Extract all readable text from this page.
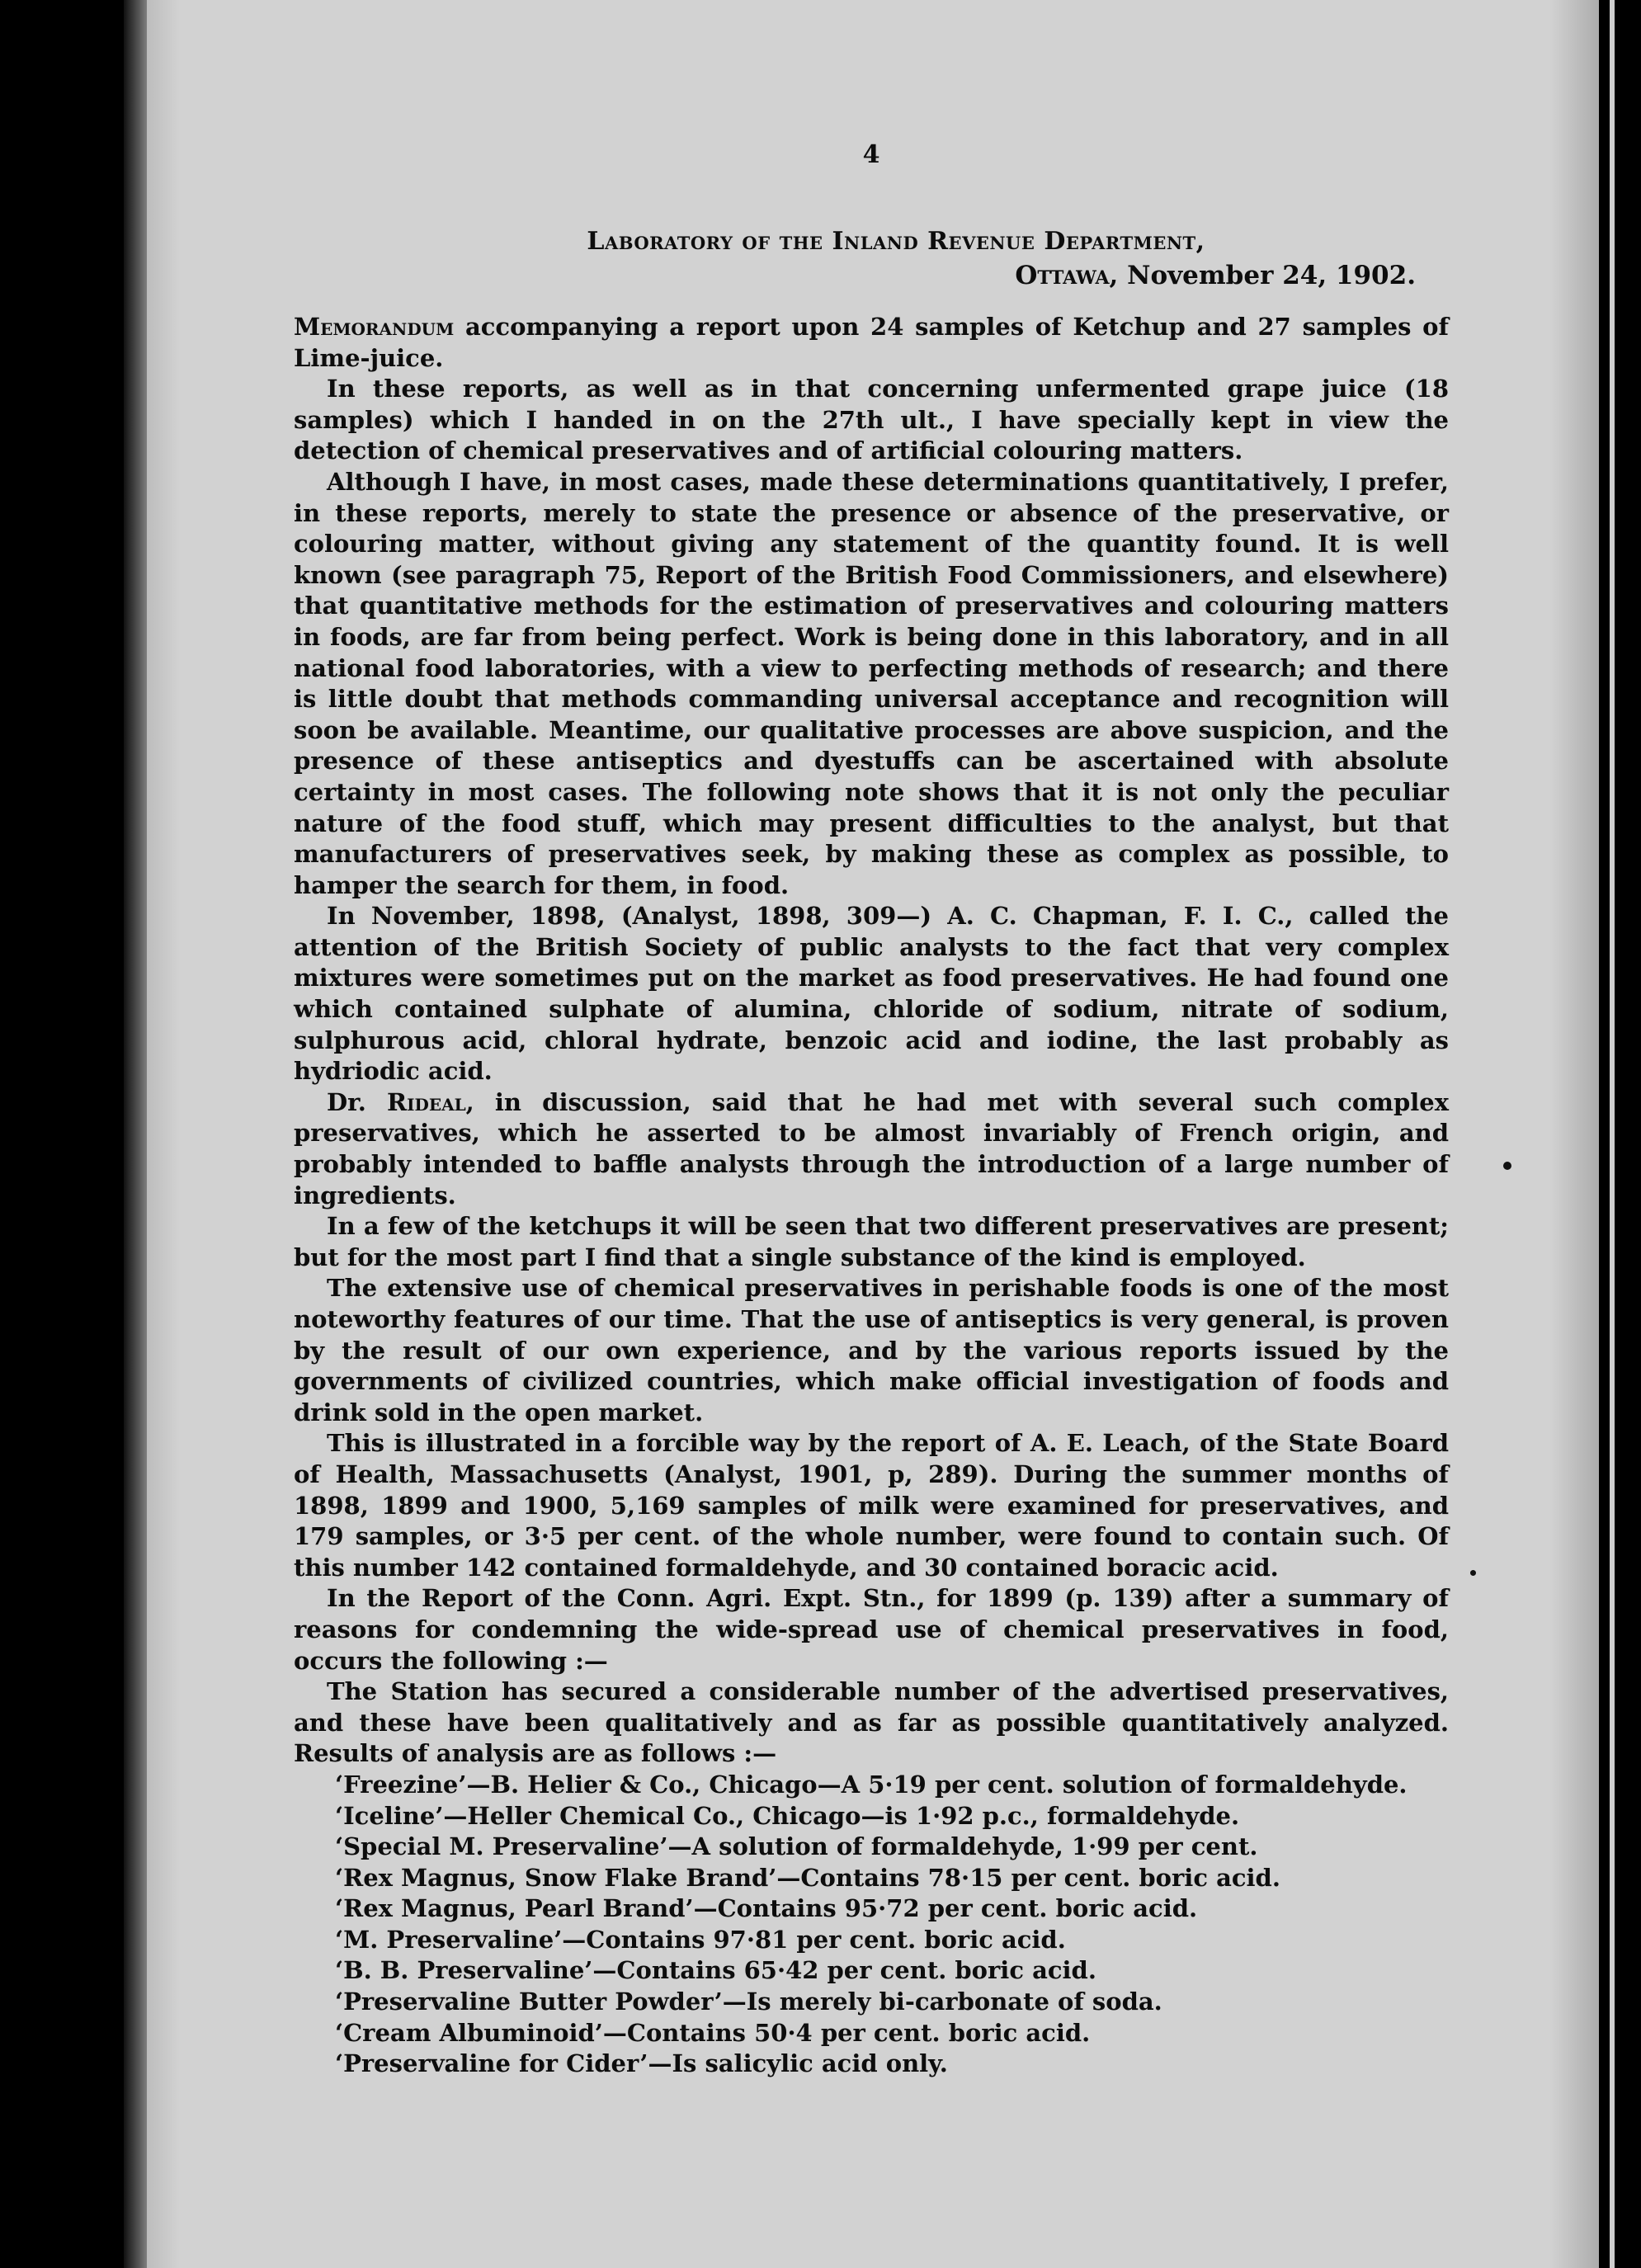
4
Laboratory of the Inland Revenue Department,
Ottawa, November 24, 1902.

Memorandum accompanying a report upon 24 samples of Ketchup and 27 samples of Lime-juice.

In these reports, as well as in that concerning unfermented grape juice (18 samples) which I handed in on the 27th ult., I have specially kept in view the detection of chemical preservatives and of artificial colouring matters.

Although I have, in most cases, made these determinations quantitatively, I prefer, in these reports, merely to state the presence or absence of the preservative, or colouring matter, without giving any statement of the quantity found. It is well known (see paragraph 75, Report of the British Food Commissioners, and elsewhere) that quantitative methods for the estimation of preservatives and colouring matters in foods, are far from being perfect. Work is being done in this laboratory, and in all national food laboratories, with a view to perfecting methods of research; and there is little doubt that methods commanding universal acceptance and recognition will soon be available. Meantime, our qualitative processes are above suspicion, and the presence of these antiseptics and dyestuffs can be ascertained with absolute certainty in most cases. The following note shows that it is not only the peculiar nature of the food stuff, which may present difficulties to the analyst, but that manufacturers of preservatives seek, by making these as complex as possible, to hamper the search for them, in food.

In November, 1898, (Analyst, 1898, 309—) A. C. Chapman, F. I. C., called the attention of the British Society of public analysts to the fact that very complex mixtures were sometimes put on the market as food preservatives. He had found one which contained sulphate of alumina, chloride of sodium, nitrate of sodium, sulphurous acid, chloral hydrate, benzoic acid and iodine, the last probably as hydriodic acid.

Dr. Rideal, in discussion, said that he had met with several such complex preservatives, which he asserted to be almost invariably of French origin, and probably intended to baffle analysts through the introduction of a large number of ingredients.

In a few of the ketchups it will be seen that two different preservatives are present; but for the most part I find that a single substance of the kind is employed.

The extensive use of chemical preservatives in perishable foods is one of the most noteworthy features of our time. That the use of antiseptics is very general, is proven by the result of our own experience, and by the various reports issued by the governments of civilized countries, which make official investigation of foods and drink sold in the open market.

This is illustrated in a forcible way by the report of A. E. Leach, of the State Board of Health, Massachusetts (Analyst, 1901, p, 289). During the summer months of 1898, 1899 and 1900, 5,169 samples of milk were examined for preservatives, and 179 samples, or 3·5 per cent. of the whole number, were found to contain such. Of this number 142 contained formaldehyde, and 30 contained boracic acid.

In the Report of the Conn. Agri. Expt. Stn., for 1899 (p. 139) after a summary of reasons for condemning the wide-spread use of chemical preservatives in food, occurs the following :—

The Station has secured a considerable number of the advertised preservatives, and these have been qualitatively and as far as possible quantitatively analyzed. Results of analysis are as follows :—

‘Freezine’—B. Helier & Co., Chicago—A 5·19 per cent. solution of formaldehyde.
‘Iceline’—Heller Chemical Co., Chicago—is 1·92 p.c., formaldehyde.
‘Special M. Preservaline’—A solution of formaldehyde, 1·99 per cent.
‘Rex Magnus, Snow Flake Brand’—Contains 78·15 per cent. boric acid.
‘Rex Magnus, Pearl Brand’—Contains 95·72 per cent. boric acid.
‘M. Preservaline’—Contains 97·81 per cent. boric acid.
‘B. B. Preservaline’—Contains 65·42 per cent. boric acid.
‘Preservaline Butter Powder’—Is merely bi-carbonate of soda.
‘Cream Albuminoid’—Contains 50·4 per cent. boric acid.
‘Preservaline for Cider’—Is salicylic acid only.
